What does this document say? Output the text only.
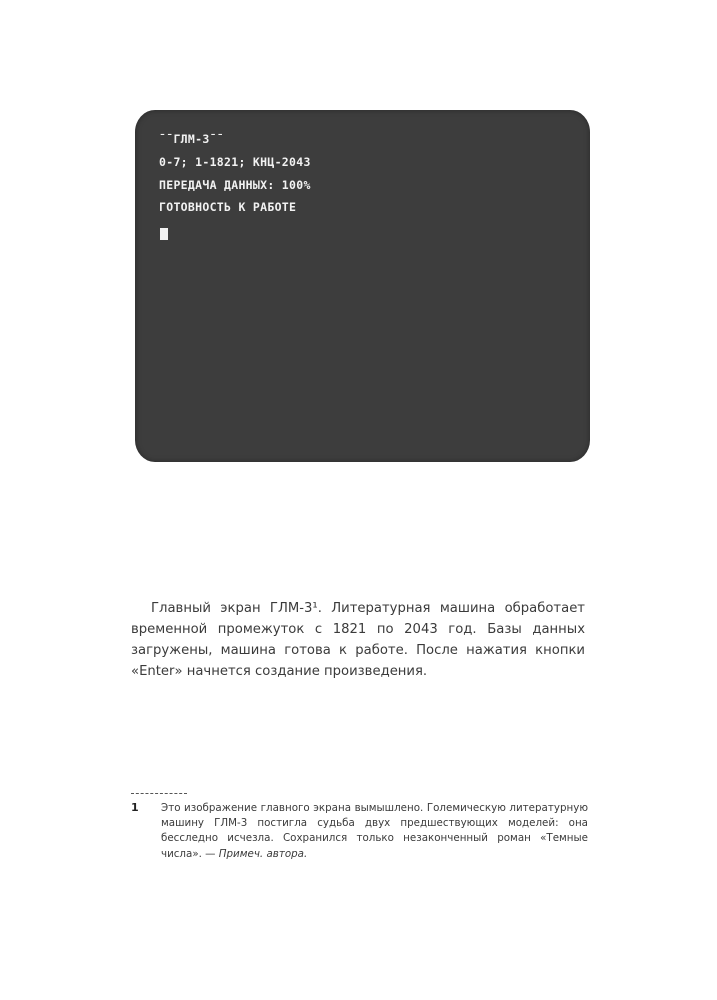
¯¯ГЛМ-3¯¯

0-7; 1-1821; КНЦ-2043

ПЕРЕДАЧА ДАННЫХ: 100%

ГОТОВНОСТЬ К РАБОТЕ

Главный экран ГЛМ-3¹. Литературная машина обработает временной промежуток с 1821 по 2043 год. Базы данных загружены, машина готова к работе. После нажатия кнопки «Enter» начнется создание произведения.

1 Это изображение главного экрана вымышлено. Големическую литературную машину ГЛМ-3 постигла судьба двух предшествующих моделей: она бесследно исчезла. Сохранился только незаконченный роман «Темные числа». — Примеч. автора.
